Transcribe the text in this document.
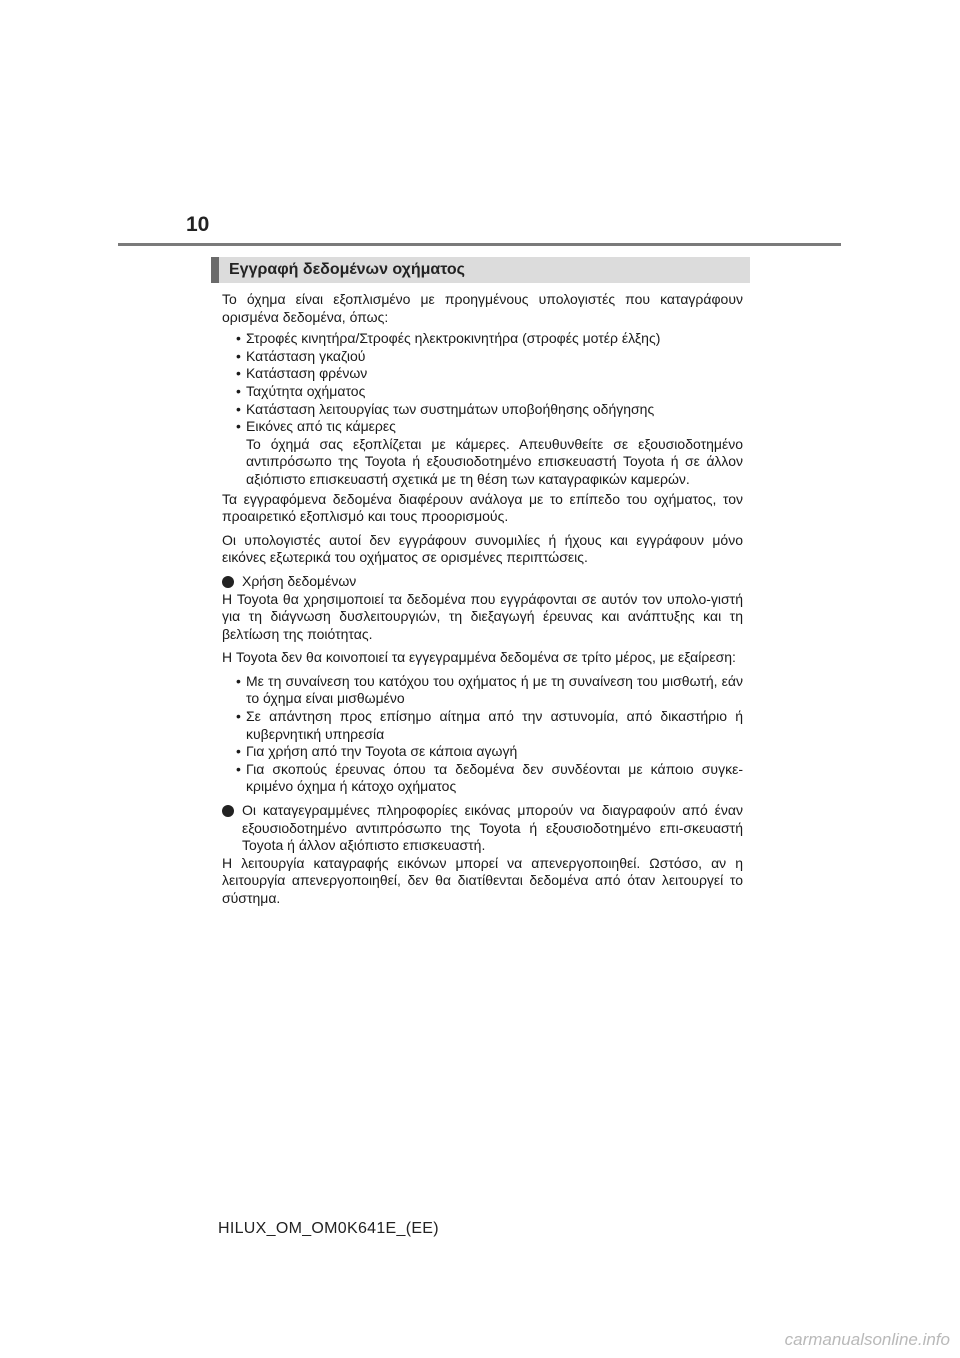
10
Εγγραφή δεδομένων οχήματος

Το όχημα είναι εξοπλισμένο με προηγμένους υπολογιστές που καταγράφουν ορισμένα δεδομένα, όπως:

• Στροφές κινητήρα/Στροφές ηλεκτροκινητήρα (στροφές μοτέρ έλξης)
• Κατάσταση γκαζιού
• Κατάσταση φρένων
• Ταχύτητα οχήματος
• Κατάσταση λειτουργίας των συστημάτων υποβοήθησης οδήγησης
• Εικόνες από τις κάμερες
Το όχημά σας εξοπλίζεται με κάμερες. Απευθυνθείτε σε εξουσιοδοτημένο αντιπρόσωπο της Toyota ή εξουσιοδοτημένο επισκευαστή Toyota ή σε άλλον αξιόπιστο επισκευαστή σχετικά με τη θέση των καταγραφικών καμερών.

Τα εγγραφόμενα δεδομένα διαφέρουν ανάλογα με το επίπεδο του οχήματος, τον προαιρετικό εξοπλισμό και τους προορισμούς.

Οι υπολογιστές αυτοί δεν εγγράφουν συνομιλίες ή ήχους και εγγράφουν μόνο εικόνες εξωτερικά του οχήματος σε ορισμένες περιπτώσεις.

Χρήση δεδομένων

Η Toyota θα χρησιμοποιεί τα δεδομένα που εγγράφονται σε αυτόν τον υπολο-γιστή για τη διάγνωση δυσλειτουργιών, τη διεξαγωγή έρευνας και ανάπτυξης και τη βελτίωση της ποιότητας.

Η Toyota δεν θα κοινοποιεί τα εγγεγραμμένα δεδομένα σε τρίτο μέρος, με εξαίρεση:

• Με τη συναίνεση του κατόχου του οχήματος ή με τη συναίνεση του μισθωτή, εάν το όχημα είναι μισθωμένο
• Σε απάντηση προς επίσημο αίτημα από την αστυνομία, από δικαστήριο ή κυβερνητική υπηρεσία
• Για χρήση από την Toyota σε κάποια αγωγή
• Για σκοπούς έρευνας όπου τα δεδομένα δεν συνδέονται με κάποιο συγκε-κριμένο όχημα ή κάτοχο οχήματος

Οι καταγεγραμμένες πληροφορίες εικόνας μπορούν να διαγραφούν από έναν εξουσιοδοτημένο αντιπρόσωπο της Toyota ή εξουσιοδοτημένο επι-σκευαστή Toyota ή άλλον αξιόπιστο επισκευαστή.

Η λειτουργία καταγραφής εικόνων μπορεί να απενεργοποιηθεί. Ωστόσο, αν η λειτουργία απενεργοποιηθεί, δεν θα διατίθενται δεδομένα από όταν λειτουργεί το σύστημα.

HILUX_OM_OM0K641E_(EE)
carmanualsonline.info
